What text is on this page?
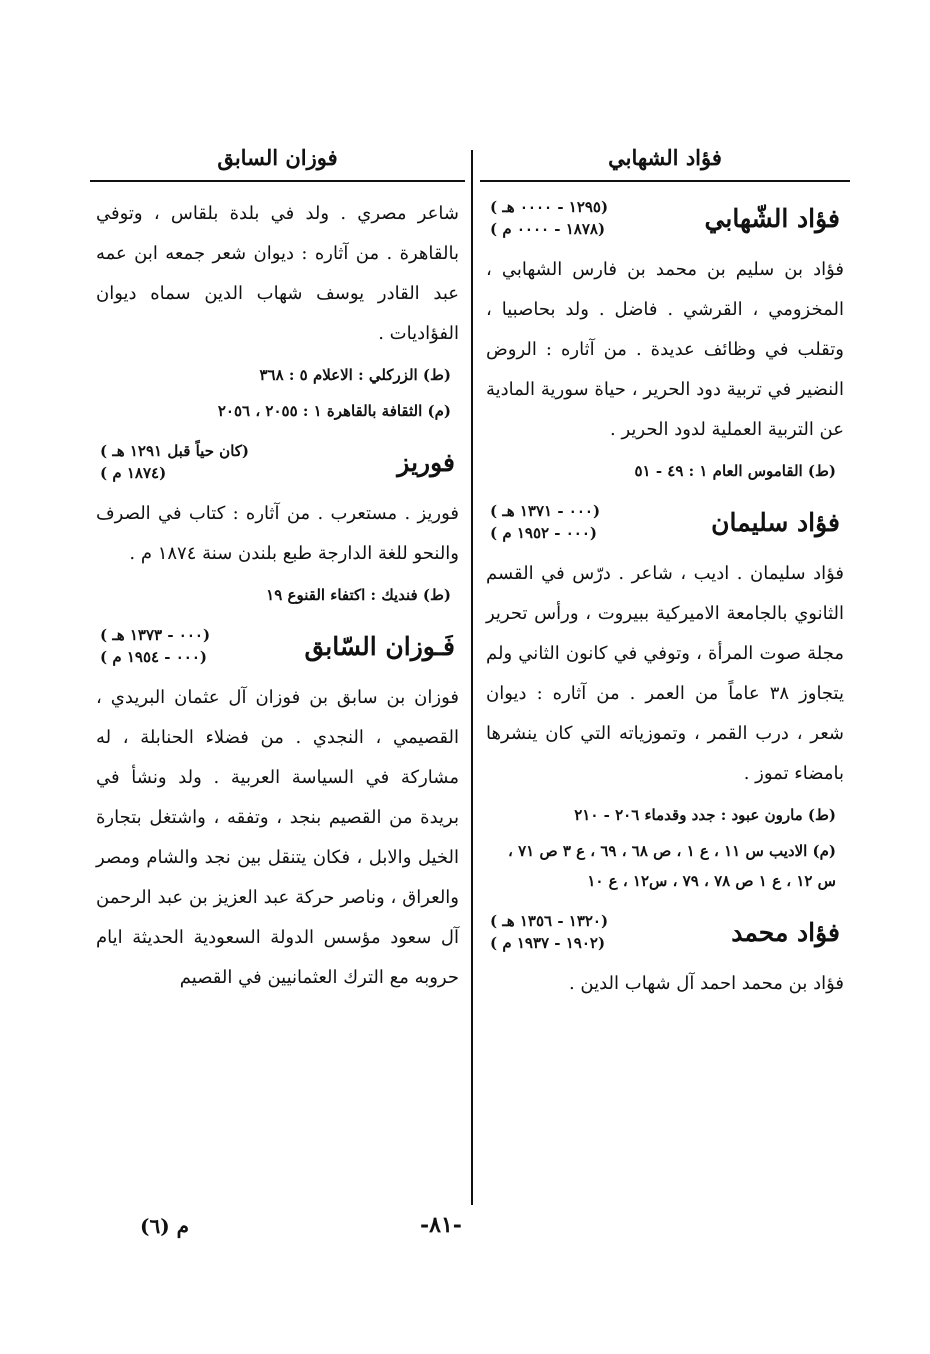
فؤاد الشهابي
فؤاد الشّهابي
( ١٢٩٥ - ٠٠٠٠ هـ)
( ١٨٧٨ - ٠٠٠٠ م)

فؤاد بن سليم بن محمد بن فارس الشهابي ، المخزومي ، القرشي . فاضل . ولد بحاصبيا ، وتقلب في وظائف عديدة . من آثاره : الروض النضير في تربية دود الحرير ، حياة سورية المادية عن التربية العملية لدود الحرير .

(ط) القاموس العام ١ : ٤٩ - ٥١

فؤاد سليمان
( ٠٠٠ - ١٣٧١ هـ)
( ٠٠٠ - ١٩٥٢ م)

فؤاد سليمان . اديب ، شاعر . درّس في القسم الثانوي بالجامعة الاميركية ببيروت ، ورأس تحرير مجلة صوت المرأة ، وتوفي في كانون الثاني ولم يتجاوز ٣٨ عاماً من العمر . من آثاره : ديوان شعر ، درب القمر ، وتموزياته التي كان ينشرها بامضاء تموز .

(ط) مارون عبود : جدد وقدماء ٢٠٦ - ٢١٠

(م) الاديب س ١١ ، ع ١ ، ص ٦٨ ، ٦٩ ، ع ٣ ص ٧١ ، س ١٢ ، ع ١ ص ٧٨ ، ٧٩ ، س١٢ ، ع ١٠

فؤاد محمد
( ١٣٢٠ - ١٣٥٦ هـ)
( ١٩٠٢ - ١٩٣٧ م)

فؤاد بن محمد احمد آل شهاب الدين .

فوزان السابق

شاعر مصري . ولد في بلدة بلقاس ، وتوفي بالقاهرة . من آثاره : ديوان شعر جمعه ابن عمه عبد القادر يوسف شهاب الدين سماه ديوان الفؤاديات .

(ط) الزركلي : الاعلام ٥ : ٣٦٨

(م) الثقافة بالقاهرة ١ : ٢٠٥٥ ، ٢٠٥٦

فوريز
( كان حياً قبل ١٢٩١ هـ)
( ١٨٧٤ م)

فوريز . مستعرب . من آثاره : كتاب في الصرف والنحو للغة الدارجة طبع بلندن سنة ١٨٧٤ م .

(ط) فنديك : اكتفاء القنوع ١٩

فَـوزان السّابق
( ٠٠٠ - ١٣٧٣ هـ)
( ٠٠٠ - ١٩٥٤ م)

فوزان بن سابق بن فوزان آل عثمان البريدي ، القصيمي ، النجدي . من فضلاء الحنابلة ، له مشاركة في السياسة العربية . ولد ونشأ في بريدة من القصيم بنجد ، وتفقه ، واشتغل بتجارة الخيل والابل ، فكان يتنقل بين نجد والشام ومصر والعراق ، وناصر حركة عبد العزيز بن عبد الرحمن آل سعود مؤسس الدولة السعودية الحديثة ايام حروبه مع الترك العثمانيين في القصيم

-٨١-
م (٦)
